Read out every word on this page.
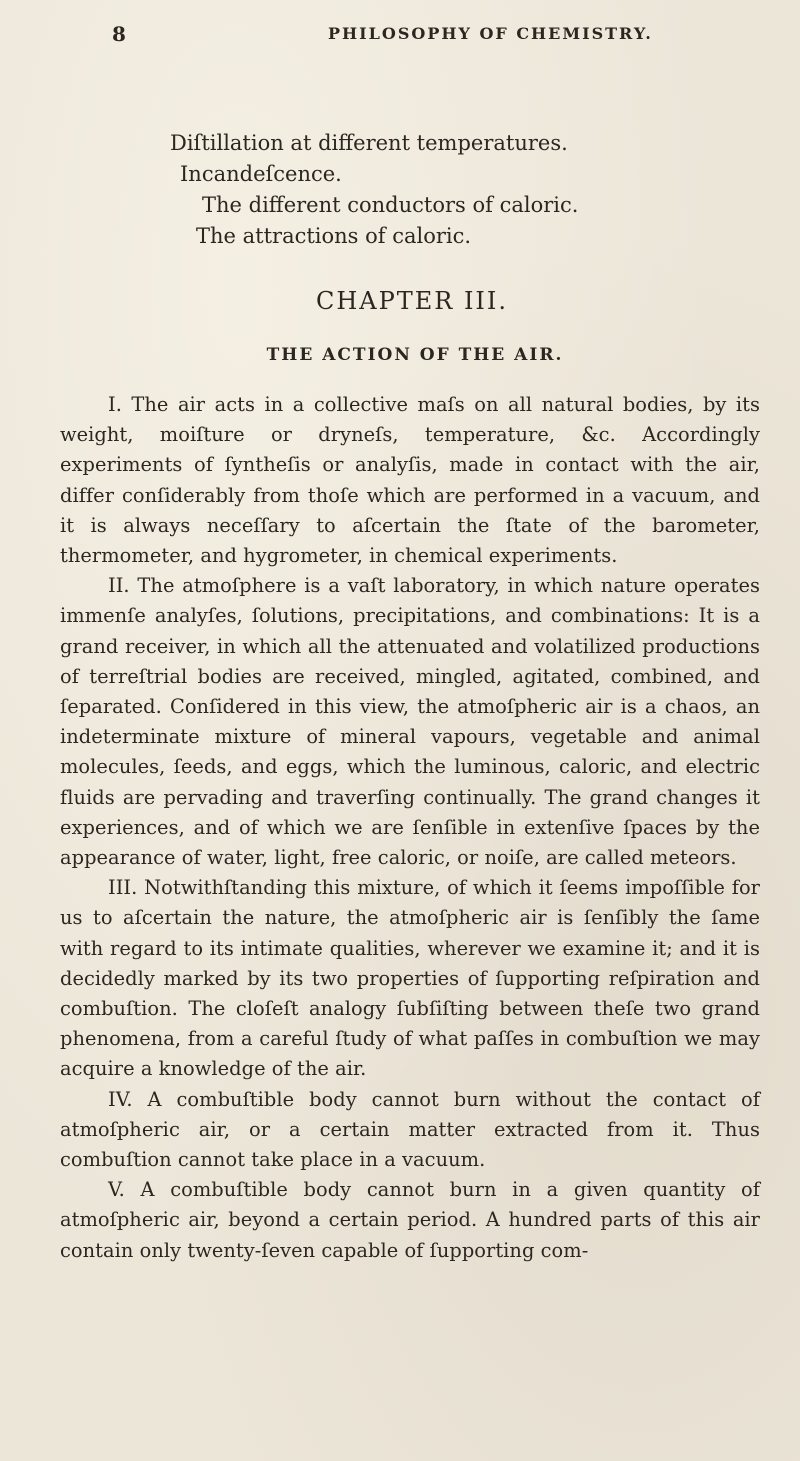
8	PHILOSOPHY OF CHEMISTRY.
Diſtillation at different temperatures.
Incandeſcence.
The different conductors of caloric.
The attractions of caloric.
CHAPTER III.
THE ACTION OF THE AIR.

I. The air acts in a collective maſs on all natural bodies, by its weight, moiſture or dryneſs, temperature, &c. Accordingly experiments of ſyntheſis or analyſis, made in contact with the air, differ conſiderably from thoſe which are performed in a vacuum, and it is always neceſſary to aſcertain the ſtate of the barometer, thermometer, and hygrometer, in chemical experiments.

II. The atmoſphere is a vaſt laboratory, in which nature operates immenſe analyſes, ſolutions, precipitations, and combinations: It is a grand receiver, in which all the attenuated and volatilized productions of terreſtrial bodies are received, mingled, agitated, combined, and ſeparated. Conſidered in this view, the atmoſpheric air is a chaos, an indeterminate mixture of mineral vapours, vegetable and animal molecules, ſeeds, and eggs, which the luminous, caloric, and electric fluids are pervading and traverſing continually. The grand changes it experiences, and of which we are ſenſible in extenſive ſpaces by the appearance of water, light, free caloric, or noiſe, are called meteors.

III. Notwithſtanding this mixture, of which it ſeems impoſſible for us to aſcertain the nature, the atmoſpheric air is ſenſibly the ſame with regard to its intimate qualities, wherever we examine it; and it is decidedly marked by its two properties of ſupporting reſpiration and combuſtion. The cloſeſt analogy ſubſiſting between theſe two grand phenomena, from a careful ſtudy of what paſſes in combuſtion we may acquire a knowledge of the air.

IV. A combuſtible body cannot burn without the contact of atmoſpheric air, or a certain matter extracted from it. Thus combuſtion cannot take place in a vacuum.

V. A combuſtible body cannot burn in a given quantity of atmoſpheric air, beyond a certain period. A hundred parts of this air contain only twenty-ſeven capable of ſupporting com-
